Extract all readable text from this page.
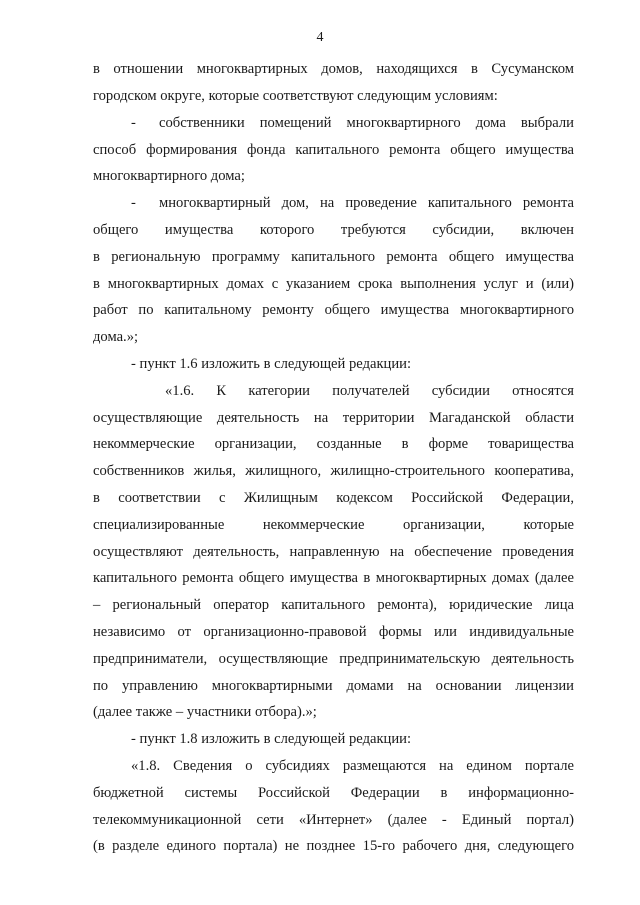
4
в отношении многоквартирных домов, находящихся в Сусуманском
городском округе, которые соответствуют следующим условиям:
- собственники помещений многоквартирного дома выбрали
способ формирования фонда капитального ремонта общего имущества
многоквартирного дома;
- многоквартирный дом, на проведение капитального ремонта
общего имущества которого требуются субсидии, включен
в региональную программу капитального ремонта общего имущества
в многоквартирных домах с указанием срока выполнения услуг и (или)
работ по капитальному ремонту общего имущества многоквартирного
дома.»;
- пункт 1.6 изложить в следующей редакции:
«1.6. К категории получателей субсидии относятся
осуществляющие деятельность на территории Магаданской области
некоммерческие организации, созданные в форме товарищества
собственников жилья, жилищного, жилищно-строительного кооператива,
в соответствии с Жилищным кодексом Российской Федерации,
специализированные некоммерческие организации, которые
осуществляют деятельность, направленную на обеспечение проведения
капитального ремонта общего имущества в многоквартирных домах (далее
– региональный оператор капитального ремонта), юридические лица
независимо от организационно-правовой формы или индивидуальные
предприниматели, осуществляющие предпринимательскую деятельность
по управлению многоквартирными домами на основании лицензии
(далее также – участники отбора).»;
- пункт 1.8 изложить в следующей редакции:
«1.8. Сведения о субсидиях размещаются на едином портале
бюджетной системы Российской Федерации в информационно-
телекоммуникационной сети «Интернет» (далее - Единый портал)
(в разделе единого портала) не позднее 15-го рабочего дня, следующего
